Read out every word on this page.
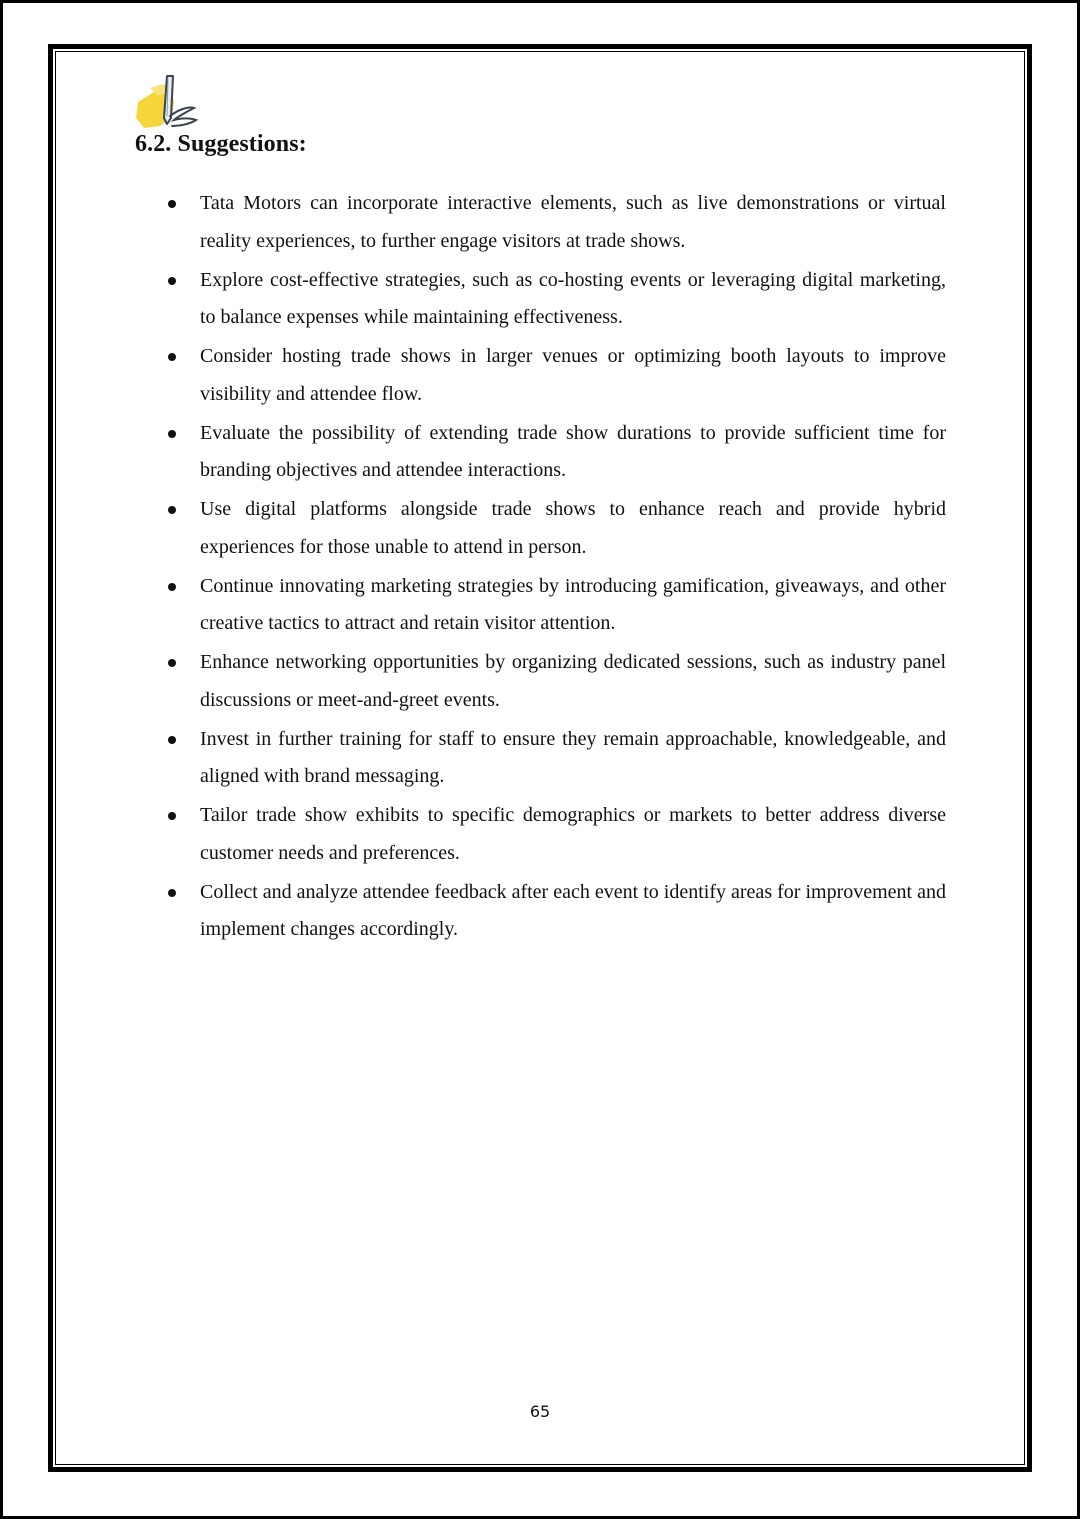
6.2. Suggestions:
Tata Motors can incorporate interactive elements, such as live demonstrations or virtual reality experiences, to further engage visitors at trade shows.
Explore cost-effective strategies, such as co-hosting events or leveraging digital marketing, to balance expenses while maintaining effectiveness.
Consider hosting trade shows in larger venues or optimizing booth layouts to improve visibility and attendee flow.
Evaluate the possibility of extending trade show durations to provide sufficient time for branding objectives and attendee interactions.
Use digital platforms alongside trade shows to enhance reach and provide hybrid experiences for those unable to attend in person.
Continue innovating marketing strategies by introducing gamification, giveaways, and other creative tactics to attract and retain visitor attention.
Enhance networking opportunities by organizing dedicated sessions, such as industry panel discussions or meet-and-greet events.
Invest in further training for staff to ensure they remain approachable, knowledgeable, and aligned with brand messaging.
Tailor trade show exhibits to specific demographics or markets to better address diverse customer needs and preferences.
Collect and analyze attendee feedback after each event to identify areas for improvement and implement changes accordingly.
65
